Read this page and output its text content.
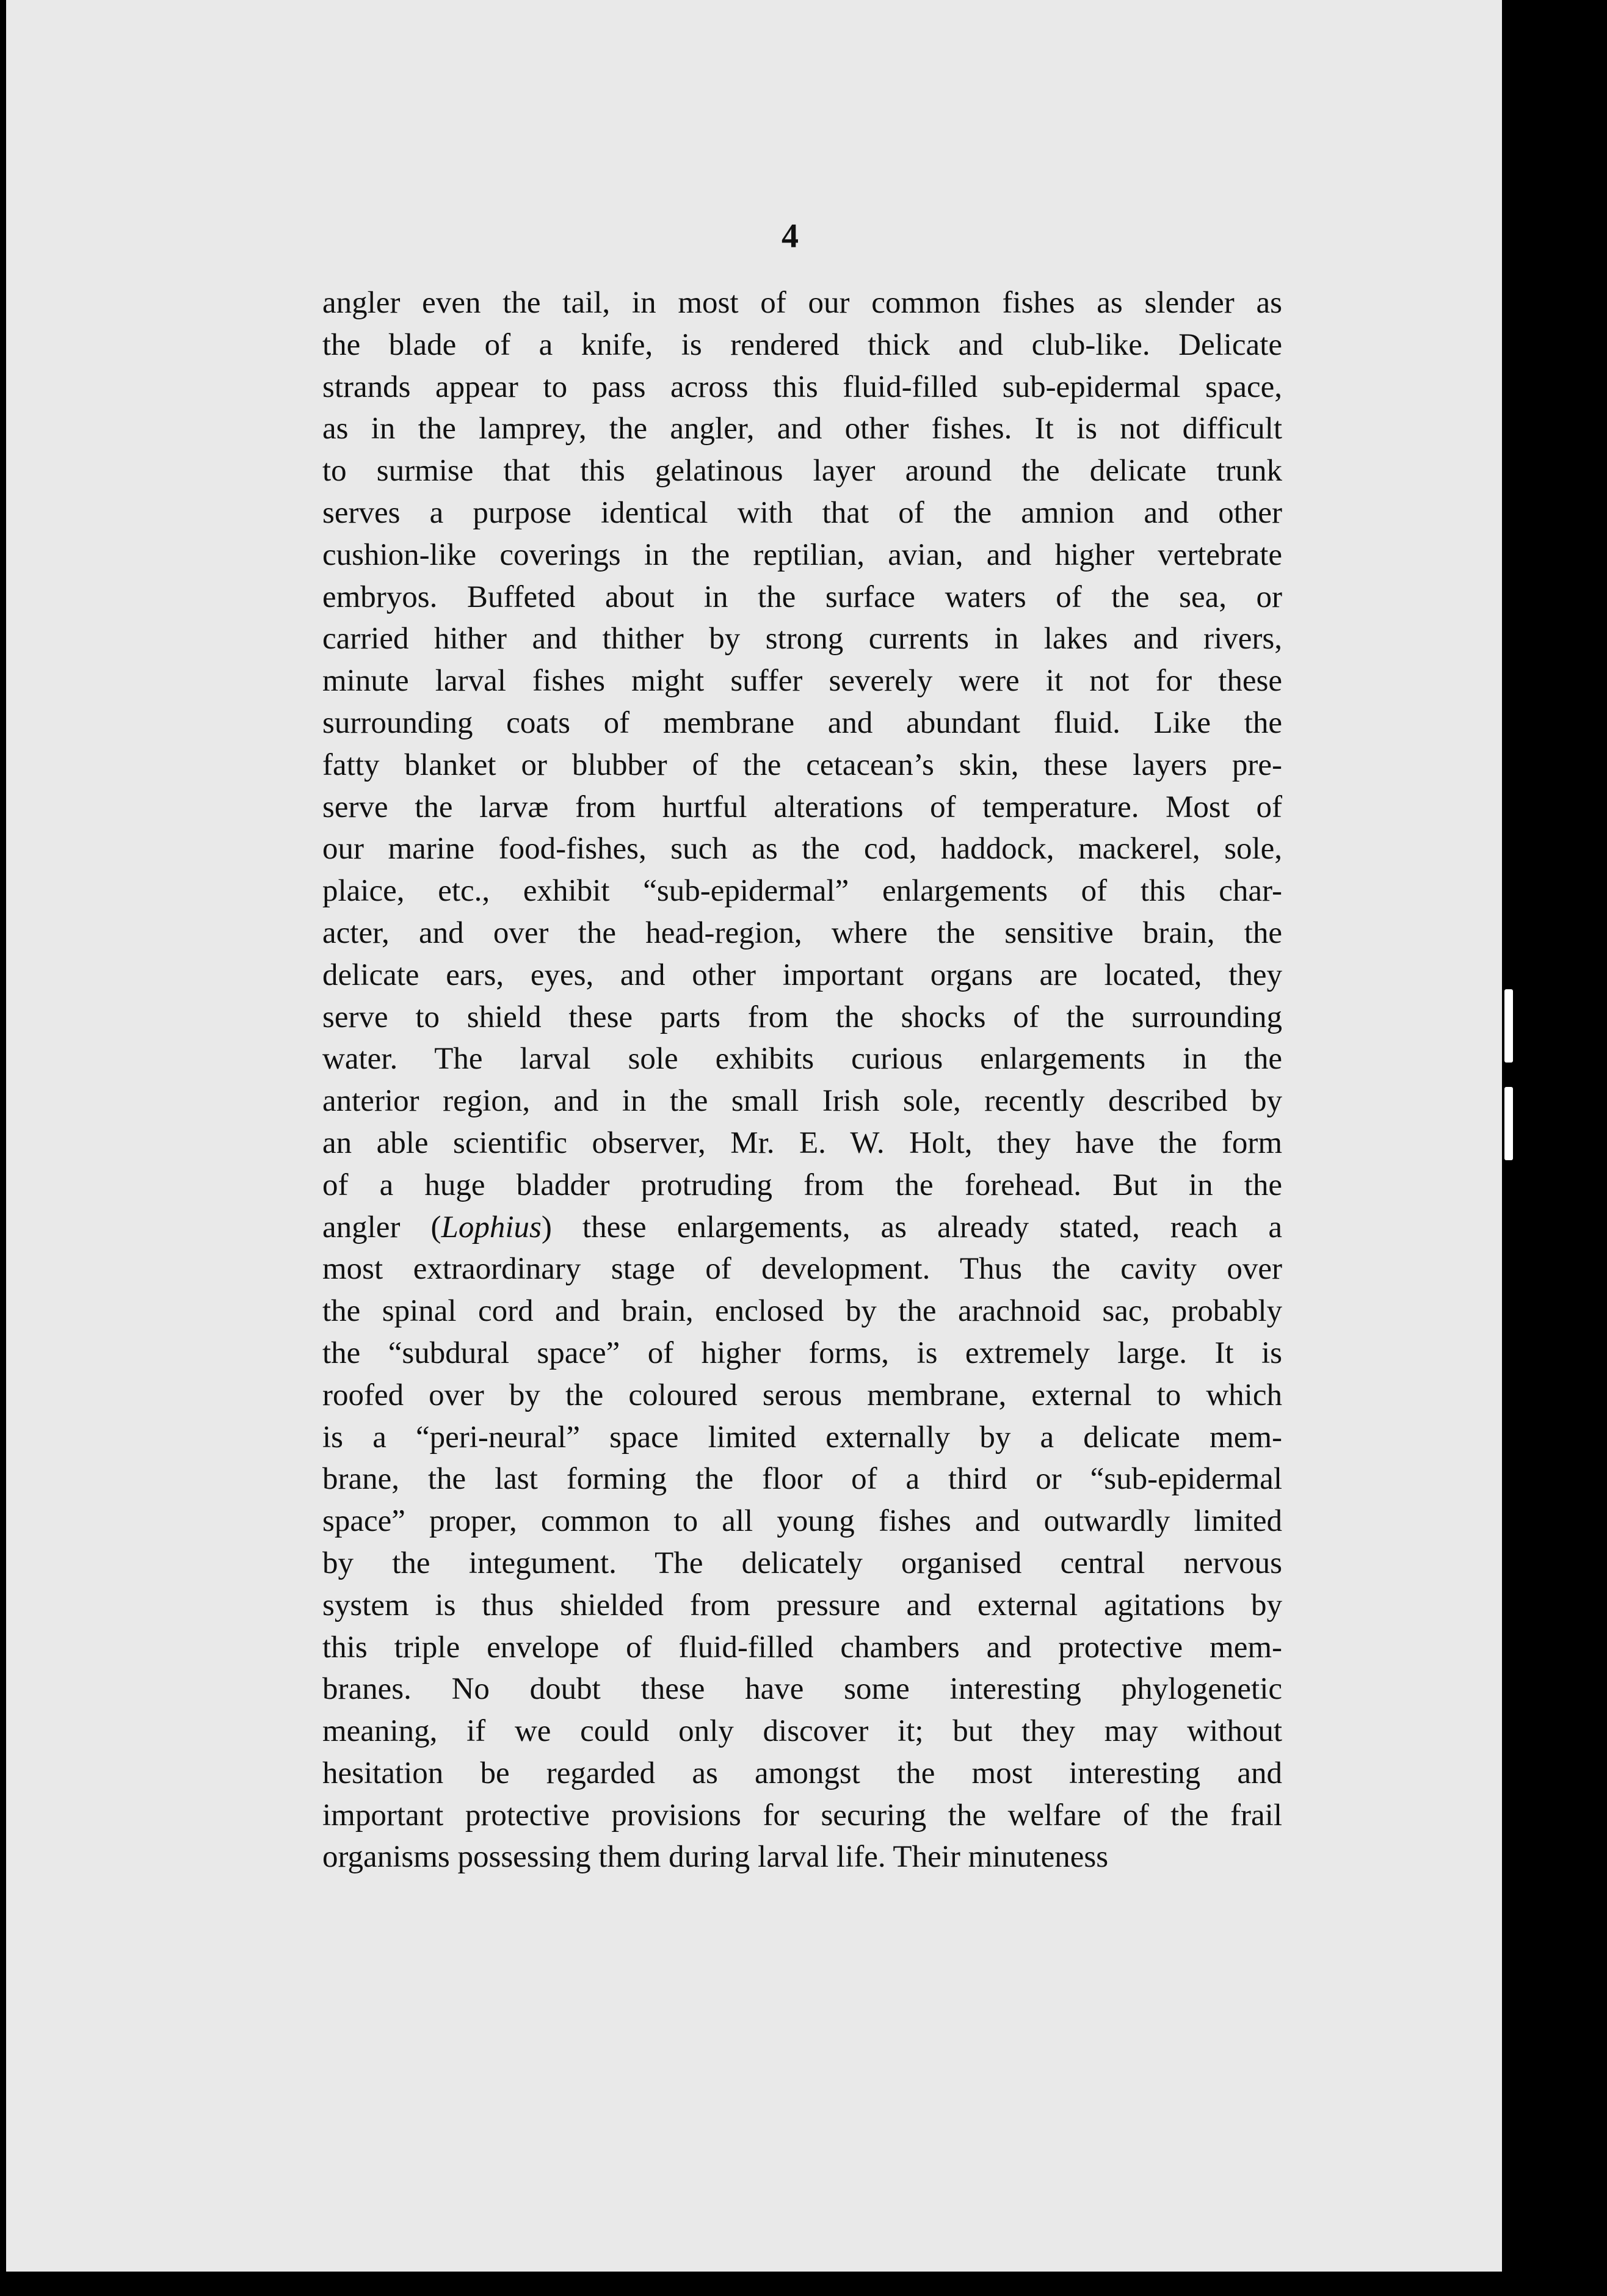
4
angler even the tail, in most of our common fishes as slender as
the blade of a knife, is rendered thick and club-like. Delicate
strands appear to pass across this fluid-filled sub-epidermal space,
as in the lamprey, the angler, and other fishes. It is not difficult
to surmise that this gelatinous layer around the delicate trunk
serves a purpose identical with that of the amnion and other
cushion-like coverings in the reptilian, avian, and higher vertebrate
embryos. Buffeted about in the surface waters of the sea, or
carried hither and thither by strong currents in lakes and rivers,
minute larval fishes might suffer severely were it not for these
surrounding coats of membrane and abundant fluid. Like the
fatty blanket or blubber of the cetacean’s skin, these layers pre-
serve the larvæ from hurtful alterations of temperature. Most of
our marine food-fishes, such as the cod, haddock, mackerel, sole,
plaice, etc., exhibit “sub-epidermal” enlargements of this char-
acter, and over the head-region, where the sensitive brain, the
delicate ears, eyes, and other important organs are located, they
serve to shield these parts from the shocks of the surrounding
water. The larval sole exhibits curious enlargements in the
anterior region, and in the small Irish sole, recently described by
an able scientific observer, Mr. E. W. Holt, they have the form
of a huge bladder protruding from the forehead. But in the
angler (Lophius) these enlargements, as already stated, reach a
most extraordinary stage of development. Thus the cavity over
the spinal cord and brain, enclosed by the arachnoid sac, probably
the “subdural space” of higher forms, is extremely large. It is
roofed over by the coloured serous membrane, external to which
is a “peri-neural” space limited externally by a delicate mem-
brane, the last forming the floor of a third or “sub-epidermal
space” proper, common to all young fishes and outwardly limited
by the integument. The delicately organised central nervous
system is thus shielded from pressure and external agitations by
this triple envelope of fluid-filled chambers and protective mem-
branes. No doubt these have some interesting phylogenetic
meaning, if we could only discover it; but they may without
hesitation be regarded as amongst the most interesting and
important protective provisions for securing the welfare of the frail
organisms possessing them during larval life. Their minuteness
